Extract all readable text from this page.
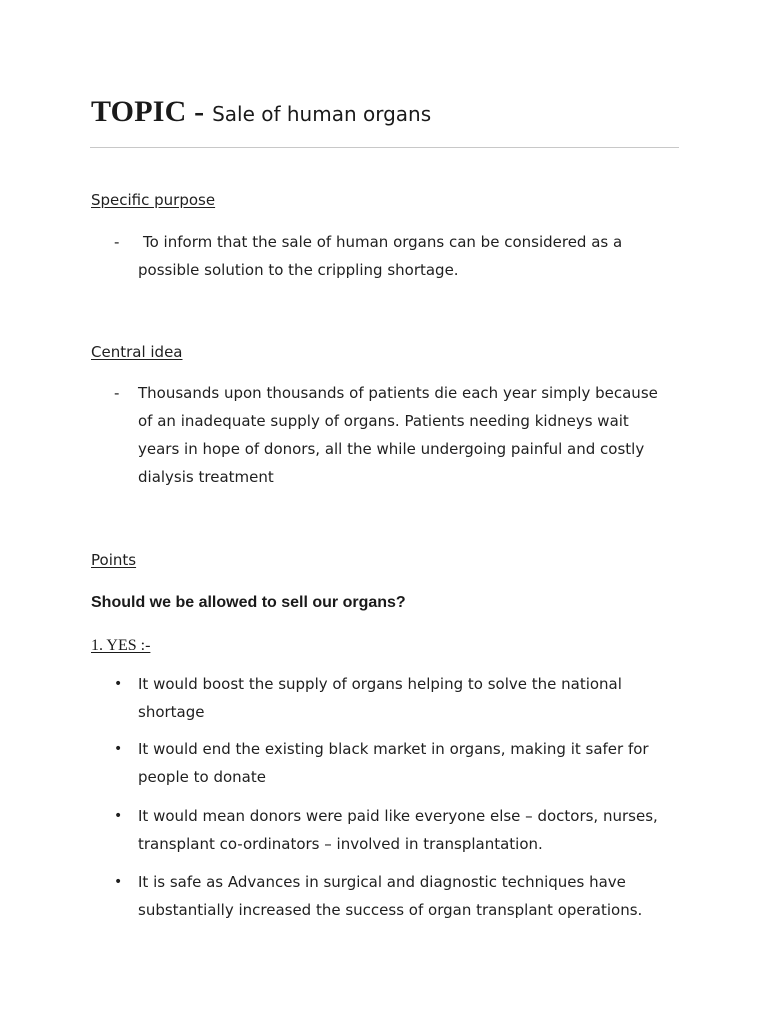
TOPIC - Sale of human organs

Specific purpose

-	To inform that the sale of human organs can be considered as a possible solution to the crippling shortage.

Central idea

-	Thousands upon thousands of patients die each year simply because of an inadequate supply of organs. Patients needing kidneys wait years in hope of donors, all the while undergoing painful and costly dialysis treatment

Points

Should we be allowed to sell our organs?

1. YES :-

•	It would boost the supply of organs helping to solve the national shortage
•	It would end the existing black market in organs, making it safer for people to donate
•	It would mean donors were paid like everyone else – doctors, nurses, transplant co-ordinators – involved in transplantation.
•	It is safe as Advances in surgical and diagnostic techniques have substantially increased the success of organ transplant operations.
